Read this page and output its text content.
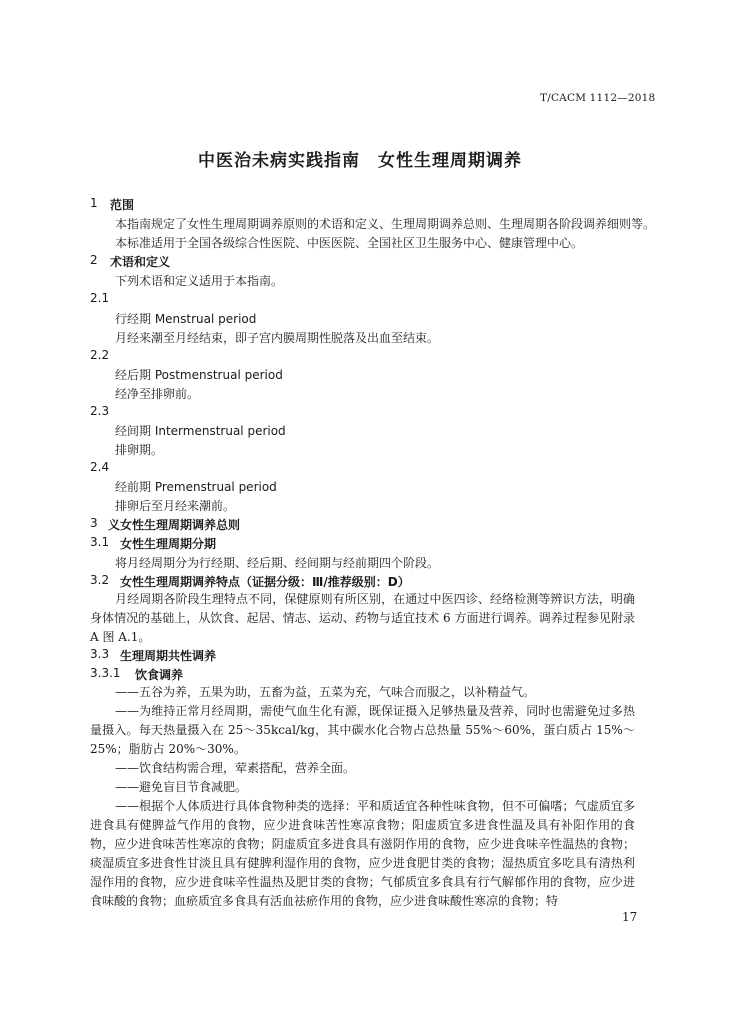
T/CACM 1112—2018
中医治未病实践指南　女性生理周期调养
1 范围
本指南规定了女性生理周期调养原则的术语和定义、生理周期调养总则、生理周期各阶段调养细则等。
本标准适用于全国各级综合性医院、中医医院、全国社区卫生服务中心、健康管理中心。
2 术语和定义
下列术语和定义适用于本指南。
2.1
行经期 Menstrual period
月经来潮至月经结束，即子宫内膜周期性脱落及出血至结束。
2.2
经后期 Postmenstrual period
经净至排卵前。
2.3
经间期 Intermenstrual period
排卵期。
2.4
经前期 Premenstrual period
排卵后至月经来潮前。
3 义女性生理周期调养总则
3.1 女性生理周期分期
将月经周期分为行经期、经后期、经间期与经前期四个阶段。
3.2 女性生理周期调养特点（证据分级：Ⅲ/推荐级别：D）
月经周期各阶段生理特点不同，保健原则有所区别，在通过中医四诊、经络检测等辨识方法，明确身体情况的基础上，从饮食、起居、情志、运动、药物与适宜技术 6 方面进行调养。调养过程参见附录 A 图 A.1。
3.3 生理周期共性调养
3.3.1 饮食调养
——五谷为养，五果为助，五畜为益，五菜为充，气味合而服之，以补精益气。
——为维持正常月经周期，需使气血生化有源，既保证摄入足够热量及营养，同时也需避免过多热量摄入。每天热量摄入在 25～35kcal/kg，其中碳水化合物占总热量 55%～60%，蛋白质占 15%～25%；脂肪占 20%～30%。
——饮食结构需合理，荤素搭配，营养全面。
——避免盲目节食减肥。
——根据个人体质进行具体食物种类的选择：平和质适宜各种性味食物，但不可偏嗜；气虚质宜多进食具有健脾益气作用的食物，应少进食味苦性寒凉食物；阳虚质宜多进食性温及具有补阳作用的食物，应少进食味苦性寒凉的食物；阴虚质宜多进食具有滋阴作用的食物，应少进食味辛性温热的食物；痰湿质宜多进食性甘淡且具有健脾利湿作用的食物，应少进食肥甘类的食物；湿热质宜多吃具有清热利湿作用的食物，应少进食味辛性温热及肥甘类的食物；气郁质宜多食具有行气解郁作用的食物，应少进食味酸的食物；血瘀质宜多食具有活血祛瘀作用的食物，应少进食味酸性寒凉的食物；特
17
